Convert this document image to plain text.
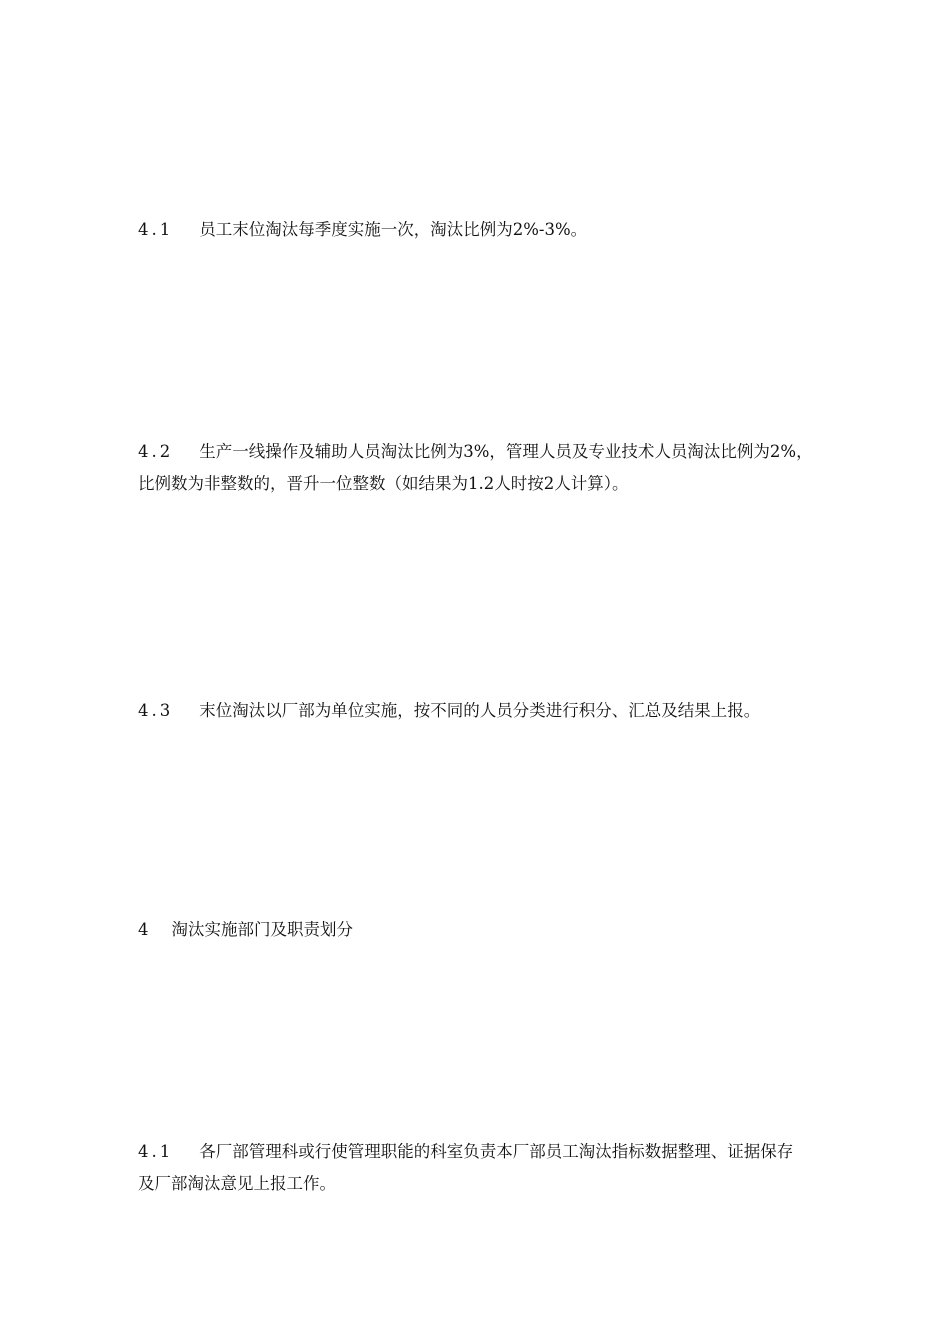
4.1 员工末位淘汰每季度实施一次，淘汰比例为2%-3%。

4.2 生产一线操作及辅助人员淘汰比例为3%，管理人员及专业技术人员淘汰比例为2%，
比例数为非整数的，晋升一位整数（如结果为1.2人时按2人计算）。

4.3 末位淘汰以厂部为单位实施，按不同的人员分类进行积分、汇总及结果上报。

4 淘汰实施部门及职责划分

4.1 各厂部管理科或行使管理职能的科室负责本厂部员工淘汰指标数据整理、证据保存
及厂部淘汰意见上报工作。
